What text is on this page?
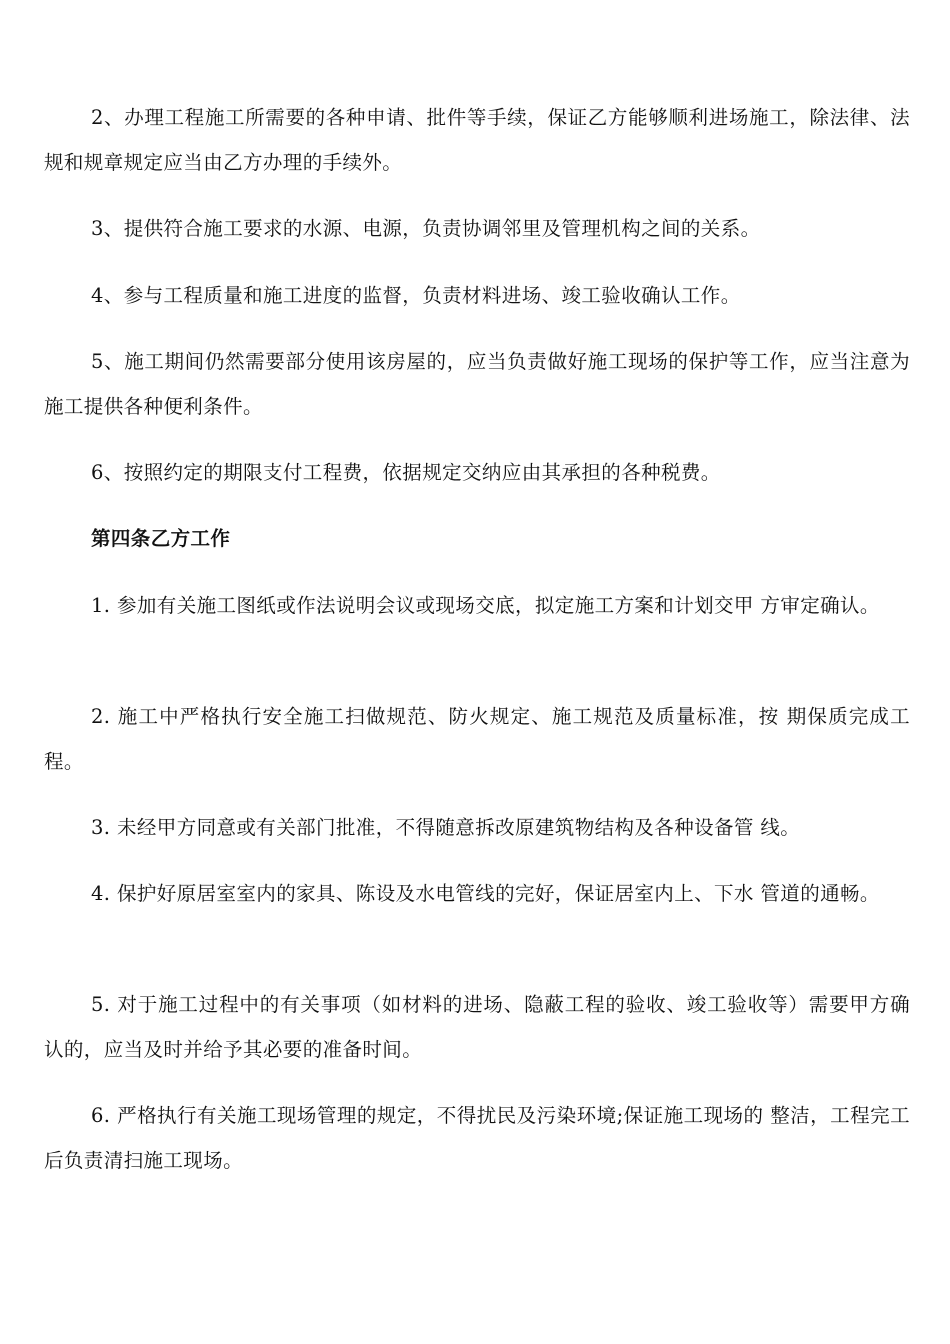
2、办理工程施工所需要的各种申请、批件等手续，保证乙方能够顺利进场施工，除法律、法规和规章规定应当由乙方办理的手续外。

3、提供符合施工要求的水源、电源，负责协调邻里及管理机构之间的关系。

4、参与工程质量和施工进度的监督，负责材料进场、竣工验收确认工作。

5、施工期间仍然需要部分使用该房屋的，应当负责做好施工现场的保护等工作，应当注意为施工提供各种便利条件。

6、按照约定的期限支付工程费，依据规定交纳应由其承担的各种税费。

第四条乙方工作

1. 参加有关施工图纸或作法说明会议或现场交底，拟定施工方案和计划交甲 方审定确认。

2. 施工中严格执行安全施工扫做规范、防火规定、施工规范及质量标准，按 期保质完成工程。

3. 未经甲方同意或有关部门批准，不得随意拆改原建筑物结构及各种设备管 线。

4. 保护好原居室室内的家具、陈设及水电管线的完好，保证居室内上、下水 管道的通畅。

5. 对于施工过程中的有关事项（如材料的进场、隐蔽工程的验收、竣工验收等）需要甲方确认的，应当及时并给予其必要的准备时间。

6. 严格执行有关施工现场管理的规定，不得扰民及污染环境;保证施工现场的 整洁，工程完工后负责清扫施工现场。
